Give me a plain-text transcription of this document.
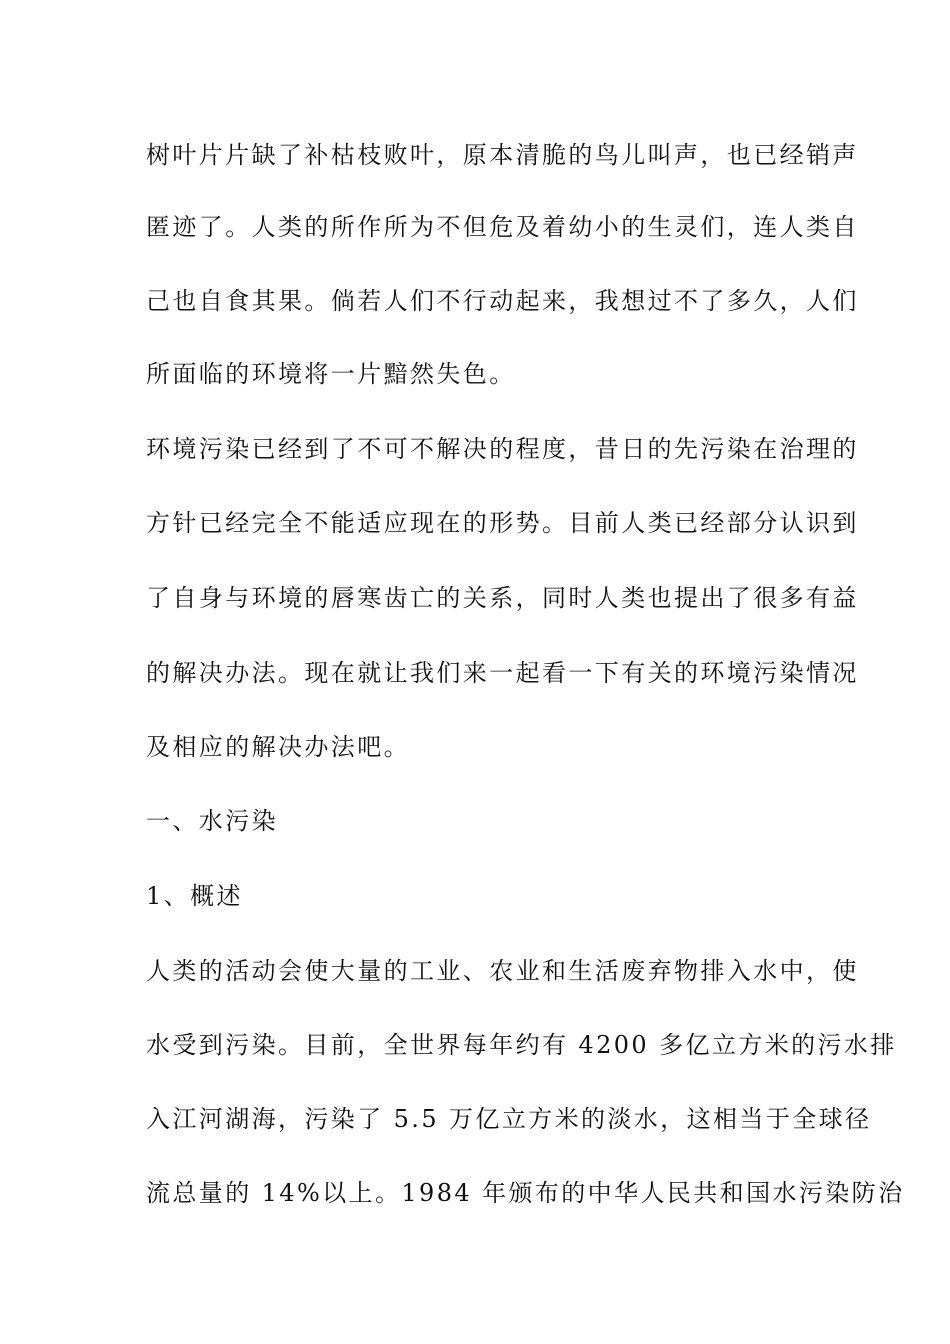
树叶片片缺了补枯枝败叶，原本清脆的鸟儿叫声，也已经销声
匿迹了。人类的所作所为不但危及着幼小的生灵们，连人类自
己也自食其果。倘若人们不行动起来，我想过不了多久，人们
所面临的环境将一片黯然失色。
环境污染已经到了不可不解决的程度，昔日的先污染在治理的
方针已经完全不能适应现在的形势。目前人类已经部分认识到
了自身与环境的唇寒齿亡的关系，同时人类也提出了很多有益
的解决办法。现在就让我们来一起看一下有关的环境污染情况
及相应的解决办法吧。
一、水污染
1、概述
人类的活动会使大量的工业、农业和生活废弃物排入水中，使
水受到污染。目前，全世界每年约有 4200 多亿立方米的污水排
入江河湖海，污染了 5.5 万亿立方米的淡水，这相当于全球径
流总量的 14%以上。1984 年颁布的中华人民共和国水污染防治
